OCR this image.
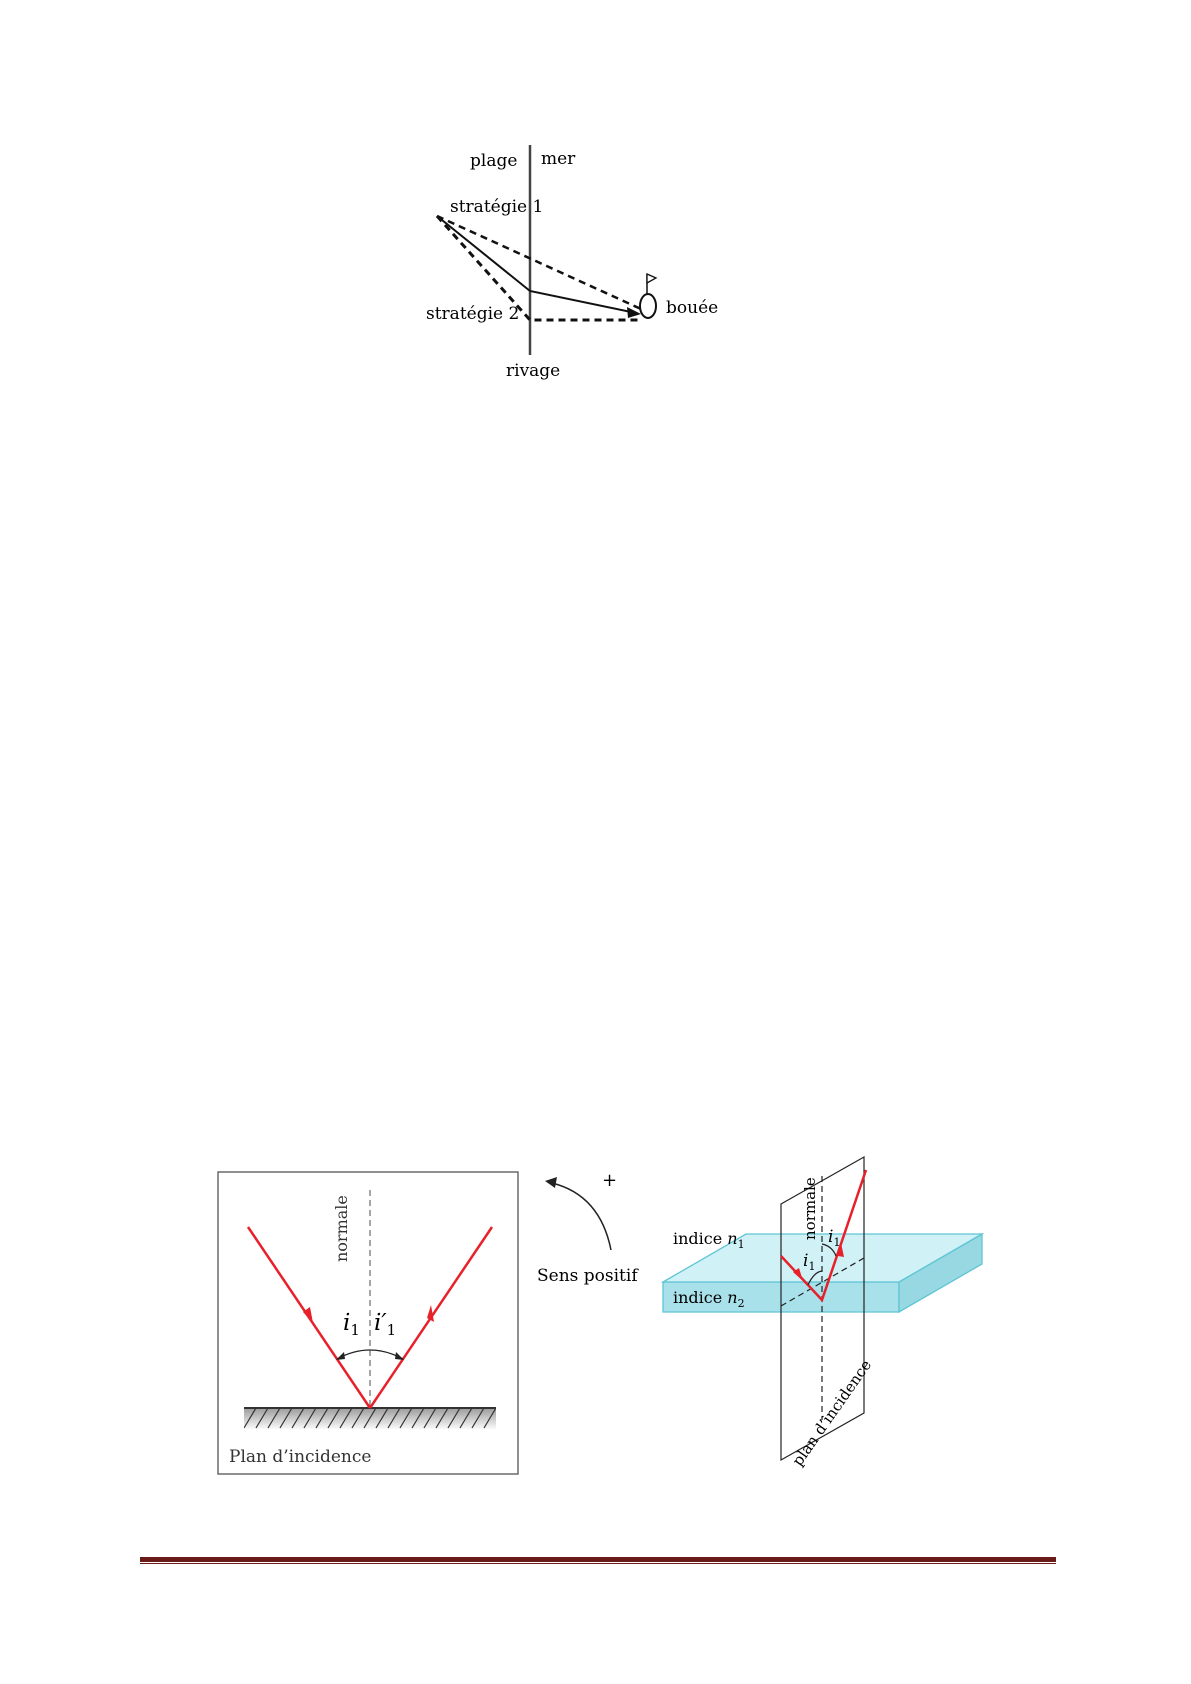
plage mer
stratégie 1
stratégie 2	bouée
rivage
normale
$i_1$ $i'_1$
Plan d’incidence
+
Sens positif
indice $n_1$
indice $n_2$
normale
$i_1$
$i_1$
plan d’incidence
